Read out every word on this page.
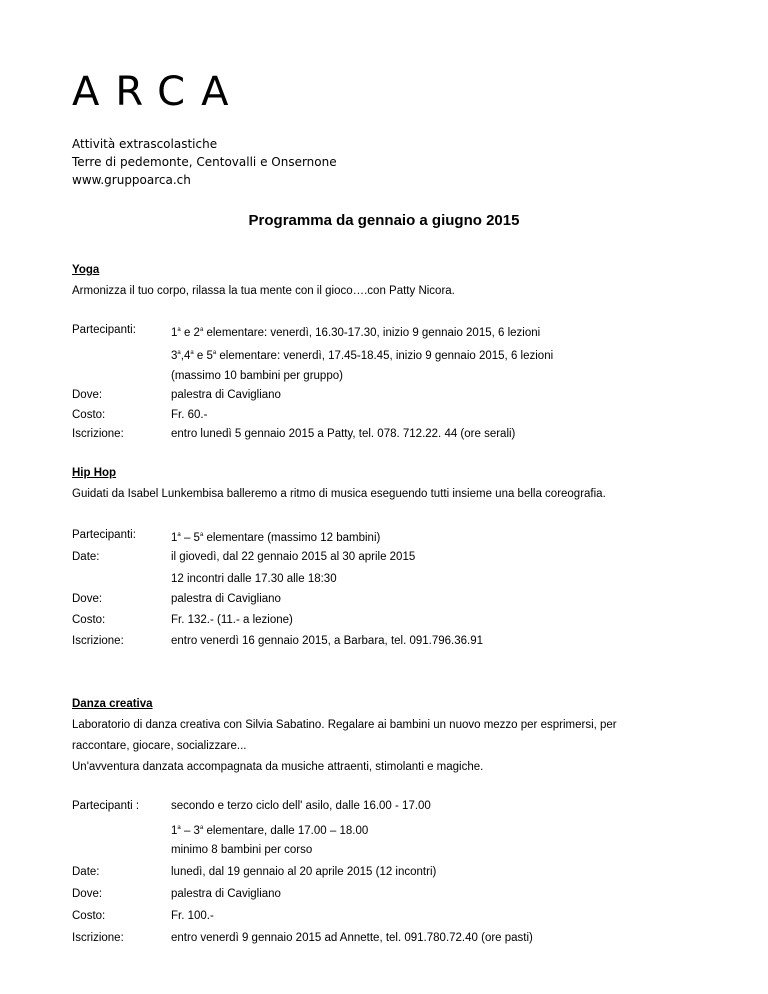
ARCA
Attività extrascolastiche
Terre di pedemonte, Centovalli e Onsernone
www.gruppoarca.ch
Programma da gennaio a giugno 2015
Yoga
Armonizza il tuo corpo, rilassa la tua mente con il gioco….con Patty Nicora.
Partecipanti:	1$^a$ e 2$^a$ elementare: venerdì, 16.30-17.30, inizio 9 gennaio 2015, 6 lezioni
3$^a$,4$^a$ e 5$^a$ elementare: venerdì, 17.45-18.45, inizio 9 gennaio 2015, 6 lezioni
(massimo 10 bambini per gruppo)
Dove:	palestra di Cavigliano
Costo:	Fr. 60.-
Iscrizione:	entro lunedì 5 gennaio 2015 a Patty, tel. 078. 712.22. 44 (ore serali)
Hip Hop
Guidati da Isabel Lunkembisa balleremo a ritmo di musica eseguendo tutti insieme una bella coreografia.
Partecipanti:	1$^a$ – 5$^a$ elementare (massimo 12 bambini)
Date:	il giovedì, dal 22 gennaio 2015 al 30 aprile 2015
12 incontri dalle 17.30 alle 18:30
Dove:	palestra di Cavigliano
Costo:	Fr. 132.- (11.- a lezione)
Iscrizione:	entro venerdì 16 gennaio 2015, a Barbara, tel. 091.796.36.91
Danza creativa
Laboratorio di danza creativa con Silvia Sabatino. Regalare ai bambini un nuovo mezzo per esprimersi, per
raccontare, giocare, socializzare...
Un'avventura danzata accompagnata da musiche attraenti, stimolanti e magiche.
Partecipanti :	secondo e terzo ciclo dell' asilo, dalle 16.00 - 17.00
1$^a$ – 3$^a$ elementare, dalle 17.00 – 18.00
minimo 8 bambini per corso
Date:	lunedì, dal 19 gennaio al 20 aprile 2015 (12 incontri)
Dove:	palestra di Cavigliano
Costo:	Fr. 100.-
Iscrizione:	entro venerdì 9 gennaio 2015 ad Annette, tel. 091.780.72.40 (ore pasti)
